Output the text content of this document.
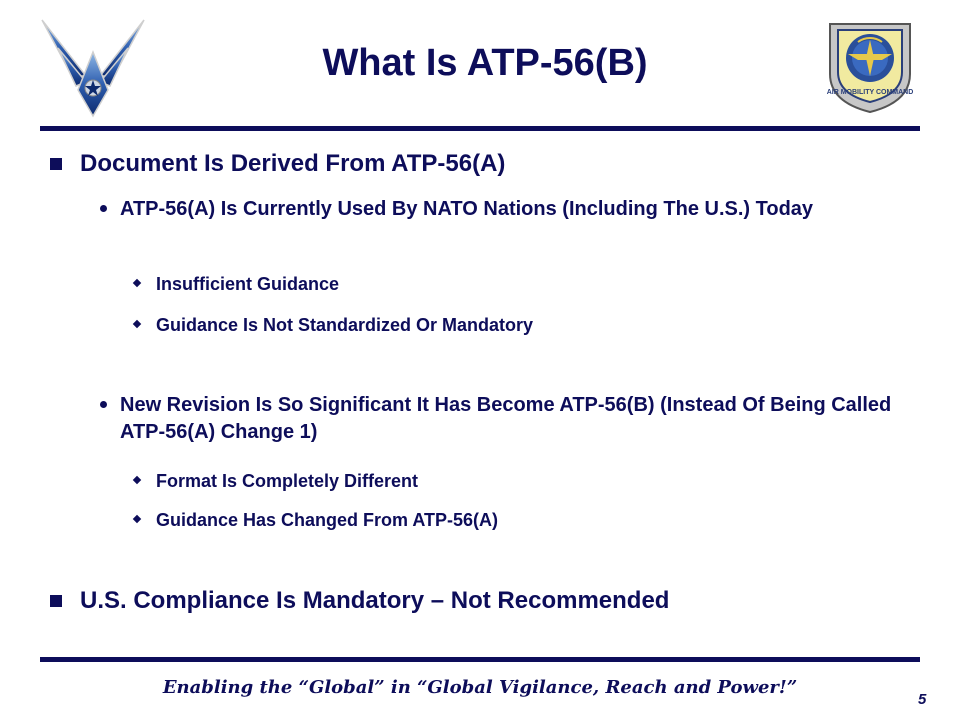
AIR MOBILITY COMMAND
What Is ATP-56(B)
Document Is Derived From ATP-56(A)
ATP-56(A) Is Currently Used By NATO Nations (Including The U.S.) Today
Insufficient Guidance
Guidance Is Not Standardized Or Mandatory
New Revision Is So Significant It Has Become ATP-56(B) (Instead Of Being Called ATP-56(A) Change 1)
Format Is Completely Different
Guidance Has Changed From ATP-56(A)
U.S. Compliance Is Mandatory – Not Recommended
Enabling the “Global” in “Global Vigilance, Reach and Power!”
5
